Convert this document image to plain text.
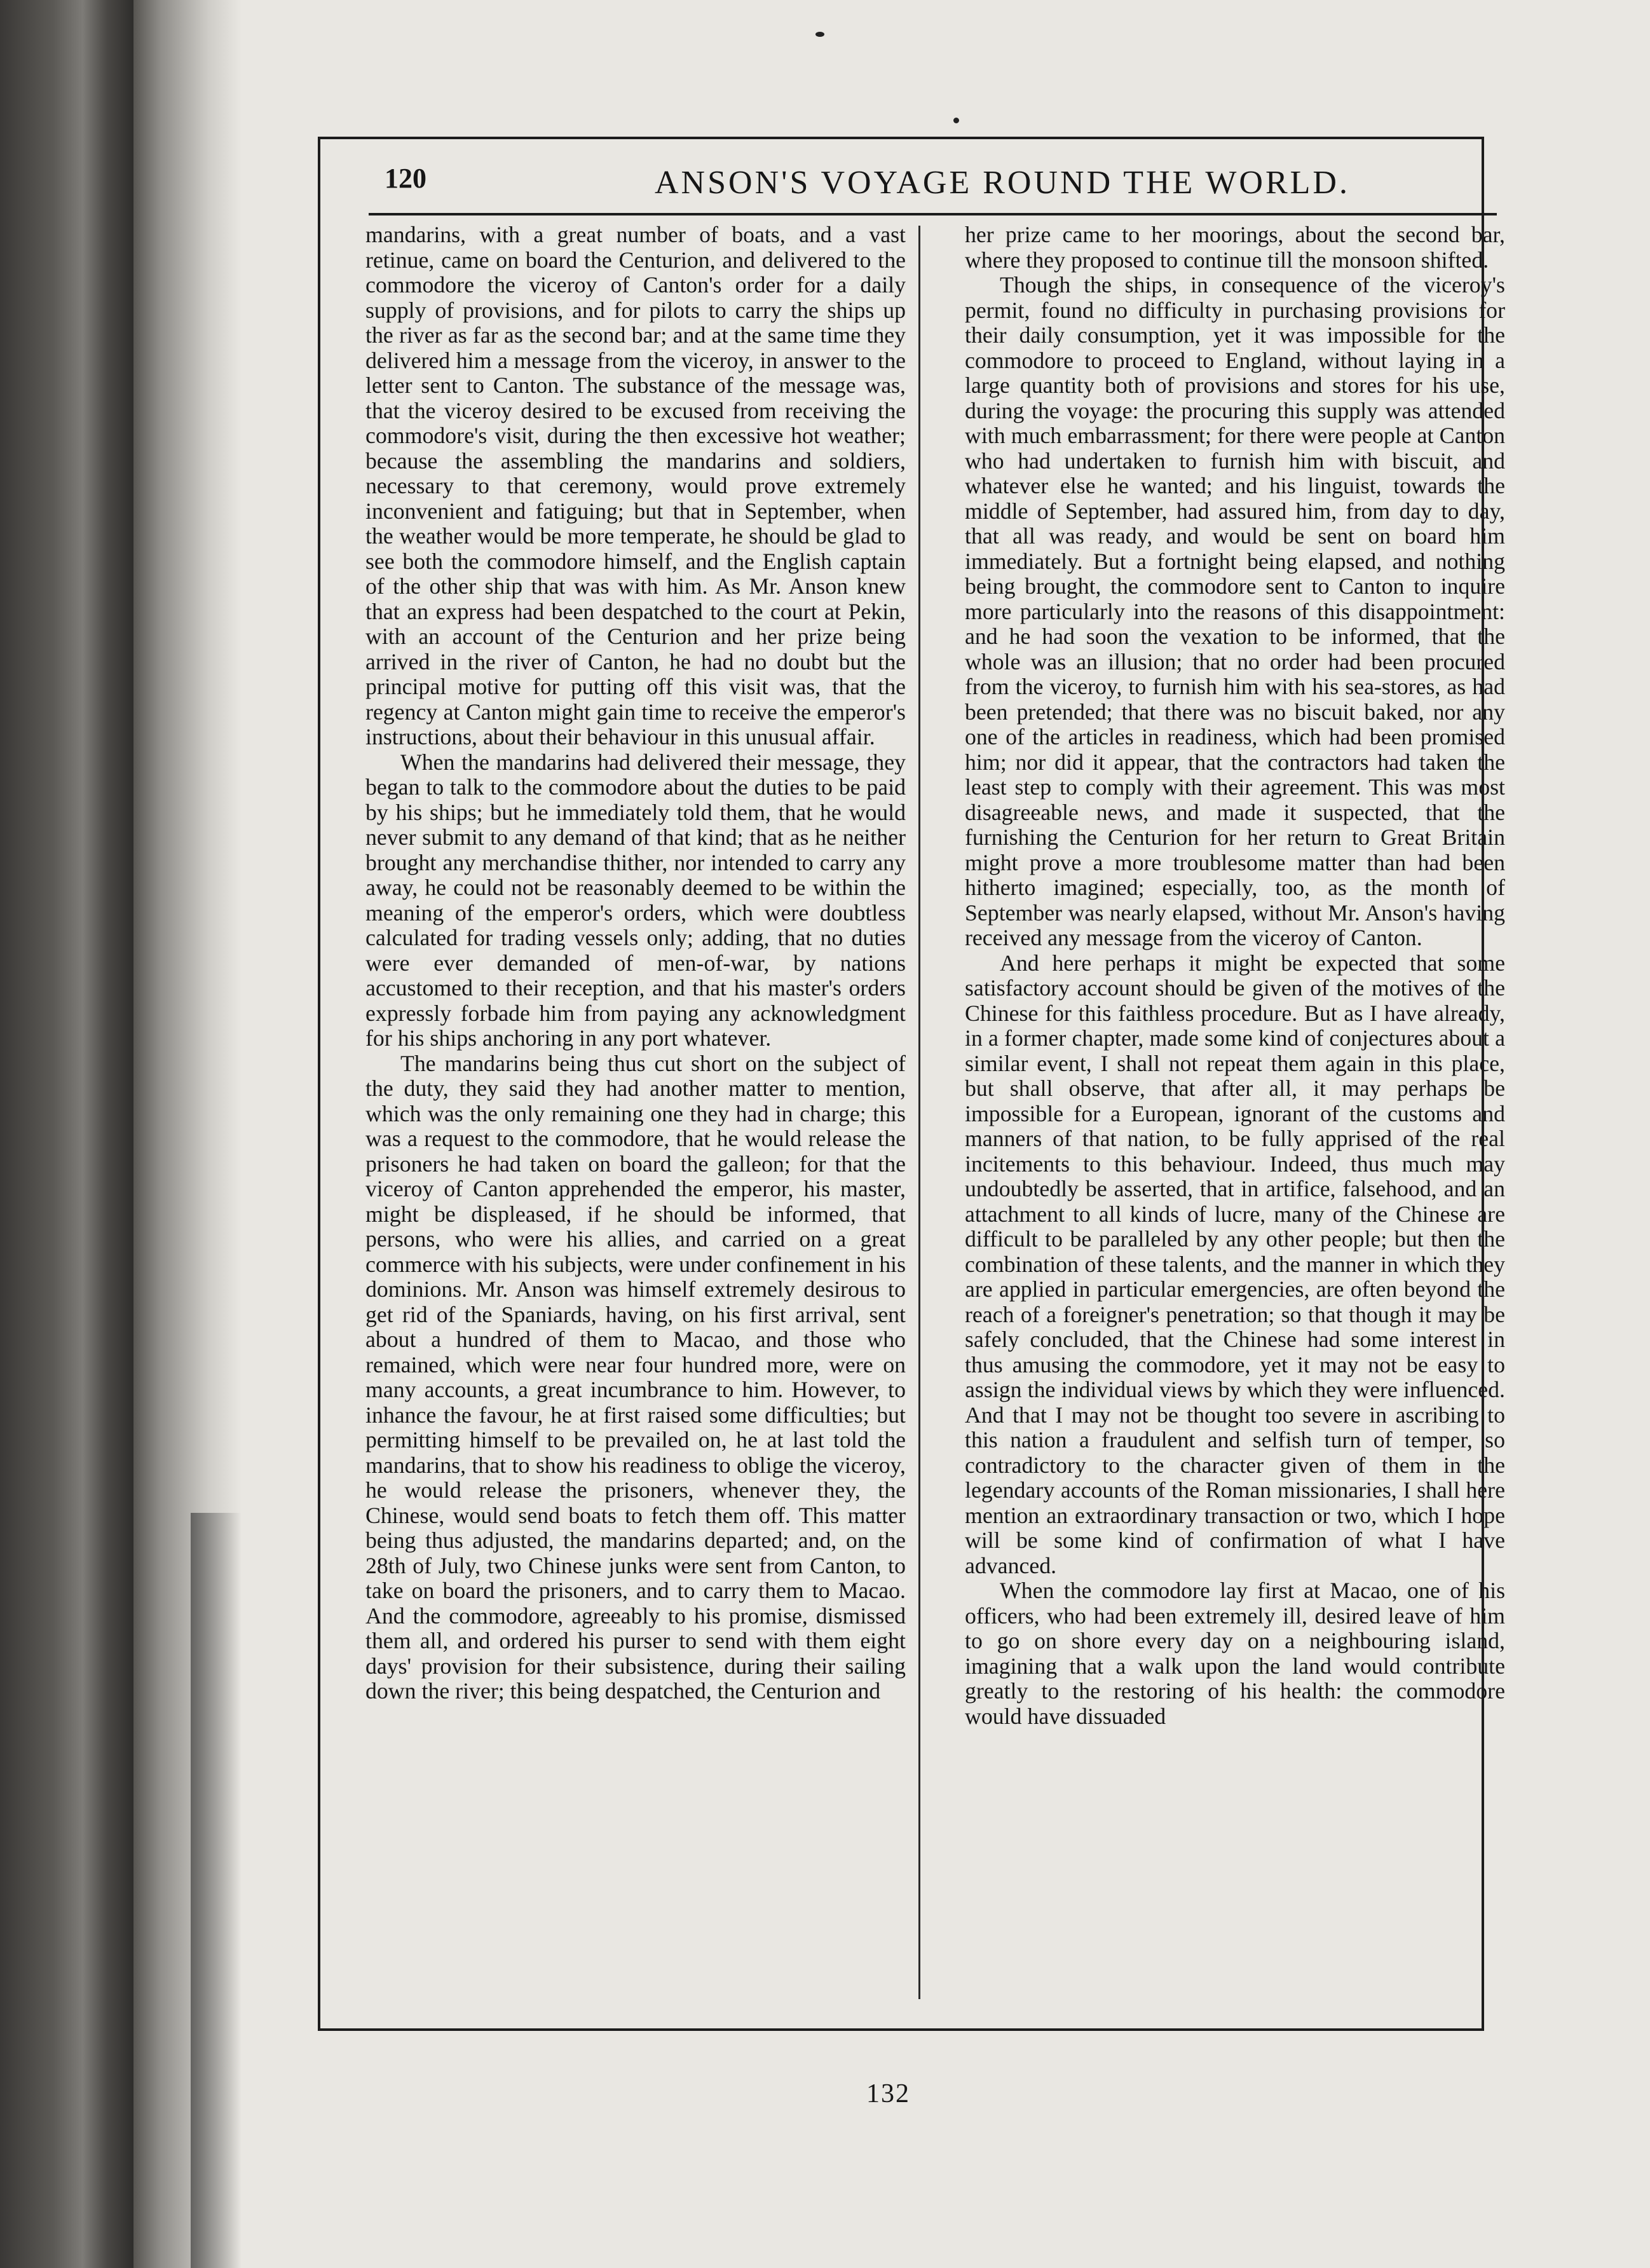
120	ANSON'S VOYAGE ROUND THE WORLD.

mandarins, with a great number of boats, and a vast retinue, came on board the Centurion, and delivered to the commodore the viceroy of Canton's order for a daily supply of provisions, and for pilots to carry the ships up the river as far as the second bar; and at the same time they delivered him a message from the viceroy, in answer to the letter sent to Canton. The substance of the message was, that the viceroy desired to be excused from receiving the commodore's visit, during the then excessive hot weather; because the assembling the mandarins and soldiers, necessary to that ceremony, would prove extremely inconvenient and fatiguing; but that in September, when the weather would be more temperate, he should be glad to see both the commodore himself, and the English captain of the other ship that was with him. As Mr. Anson knew that an express had been despatched to the court at Pekin, with an account of the Centurion and her prize being arrived in the river of Canton, he had no doubt but the principal motive for putting off this visit was, that the regency at Canton might gain time to receive the emperor's instructions, about their behaviour in this unusual affair.

When the mandarins had delivered their message, they began to talk to the commodore about the duties to be paid by his ships; but he immediately told them, that he would never submit to any demand of that kind; that as he neither brought any merchandise thither, nor intended to carry any away, he could not be reasonably deemed to be within the meaning of the emperor's orders, which were doubtless calculated for trading vessels only; adding, that no duties were ever demanded of men-of-war, by nations accustomed to their reception, and that his master's orders expressly forbade him from paying any acknowledgment for his ships anchoring in any port whatever.

The mandarins being thus cut short on the subject of the duty, they said they had another matter to mention, which was the only remaining one they had in charge; this was a request to the commodore, that he would release the prisoners he had taken on board the galleon; for that the viceroy of Canton apprehended the emperor, his master, might be displeased, if he should be informed, that persons, who were his allies, and carried on a great commerce with his subjects, were under confinement in his dominions. Mr. Anson was himself extremely desirous to get rid of the Spaniards, having, on his first arrival, sent about a hundred of them to Macao, and those who remained, which were near four hundred more, were on many accounts, a great incumbrance to him. However, to inhance the favour, he at first raised some difficulties; but permitting himself to be prevailed on, he at last told the mandarins, that to show his readiness to oblige the viceroy, he would release the prisoners, whenever they, the Chinese, would send boats to fetch them off. This matter being thus adjusted, the mandarins departed; and, on the 28th of July, two Chinese junks were sent from Canton, to take on board the prisoners, and to carry them to Macao. And the commodore, agreeably to his promise, dismissed them all, and ordered his purser to send with them eight days' provision for their subsistence, during their sailing down the river; this being despatched, the Centurion and

her prize came to her moorings, about the second bar, where they proposed to continue till the monsoon shifted.

Though the ships, in consequence of the viceroy's permit, found no difficulty in purchasing provisions for their daily consumption, yet it was impossible for the commodore to proceed to England, without laying in a large quantity both of provisions and stores for his use, during the voyage: the procuring this supply was attended with much embarrassment; for there were people at Canton who had undertaken to furnish him with biscuit, and whatever else he wanted; and his linguist, towards the middle of September, had assured him, from day to day, that all was ready, and would be sent on board him immediately. But a fortnight being elapsed, and nothing being brought, the commodore sent to Canton to inquire more particularly into the reasons of this disappointment: and he had soon the vexation to be informed, that the whole was an illusion; that no order had been procured from the viceroy, to furnish him with his sea-stores, as had been pretended; that there was no biscuit baked, nor any one of the articles in readiness, which had been promised him; nor did it appear, that the contractors had taken the least step to comply with their agreement. This was most disagreeable news, and made it suspected, that the furnishing the Centurion for her return to Great Britain might prove a more troublesome matter than had been hitherto imagined; especially, too, as the month of September was nearly elapsed, without Mr. Anson's having received any message from the viceroy of Canton.

And here perhaps it might be expected that some satisfactory account should be given of the motives of the Chinese for this faithless procedure. But as I have already, in a former chapter, made some kind of conjectures about a similar event, I shall not repeat them again in this place, but shall observe, that after all, it may perhaps be impossible for a European, ignorant of the customs and manners of that nation, to be fully apprised of the real incitements to this behaviour. Indeed, thus much may undoubtedly be asserted, that in artifice, falsehood, and an attachment to all kinds of lucre, many of the Chinese are difficult to be paralleled by any other people; but then the combination of these talents, and the manner in which they are applied in particular emergencies, are often beyond the reach of a foreigner's penetration; so that though it may be safely concluded, that the Chinese had some interest in thus amusing the commodore, yet it may not be easy to assign the individual views by which they were influenced. And that I may not be thought too severe in ascribing to this nation a fraudulent and selfish turn of temper, so contradictory to the character given of them in the legendary accounts of the Roman missionaries, I shall here mention an extraordinary transaction or two, which I hope will be some kind of confirmation of what I have advanced.

When the commodore lay first at Macao, one of his officers, who had been extremely ill, desired leave of him to go on shore every day on a neighbouring island, imagining that a walk upon the land would contribute greatly to the restoring of his health: the commodore would have dissuaded

132
